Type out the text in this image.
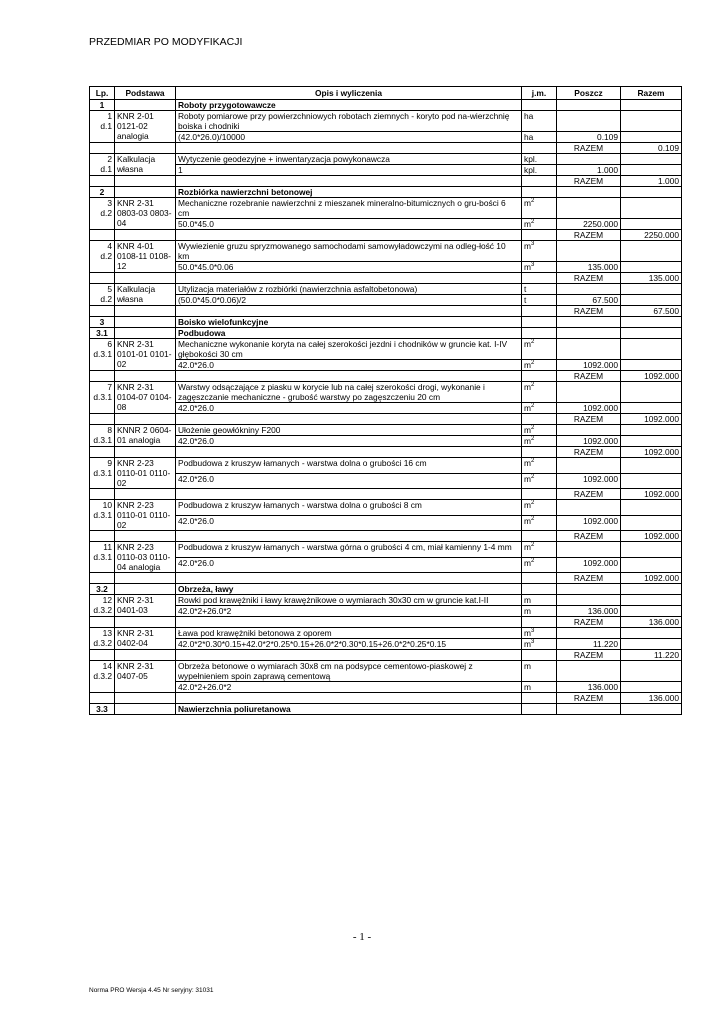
PRZEDMIAR PO MODYFIKACJI
Lp.	Podstawa	Opis i wyliczenia	j.m.	Poszcz	Razem
1		Roboty przygotowawcze			

1
d.1	KNR 2-01 0121-02 analogia	Roboty pomiarowe przy powierzchniowych robotach ziemnych - koryto pod na-wierzchnię boiska i chodniki	ha		
		(42.0*26.0)/10000	ha	0.109	
				RAZEM	0.109

2
d.1	Kalkulacja własna	Wytyczenie geodezyjne + inwentaryzacja powykonawcza	kpl.		
		1	kpl.	1.000	
				RAZEM	1.000
2		Rozbiórka nawierzchni betonowej			

3
d.2	KNR 2-31 0803-03 0803-04	Mechaniczne rozebranie nawierzchni z mieszanek mineralno-bitumicznych o gru-bości 6 cm	$m^2$		
		50.0*45.0	$m^2$	2250.000	
				RAZEM	2250.000

4
d.2	KNR 4-01 0108-11 0108-12	Wywiezienie gruzu spryzmowanego samochodami samowyładowczymi na odleg-łość 10 km	$m^3$		
		50.0*45.0*0.06	$m^3$	135.000	
				RAZEM	135.000

5
d.2	Kalkulacja własna	Utylizacja materiałów z rozbiórki (nawierzchnia asfaltobetonowa)	t		
		(50.0*45.0*0.06)/2	t	67.500	
				RAZEM	67.500
3		Boisko wielofunkcyjne			
3.1		Podbudowa			

6
d.3.1	KNR 2-31 0101-01 0101-02	Mechaniczne wykonanie koryta na całej szerokości jezdni i chodników w gruncie kat. I-IV głębokości 30 cm	$m^2$		
		42.0*26.0	$m^2$	1092.000	
				RAZEM	1092.000

7
d.3.1	KNR 2-31 0104-07 0104-08	Warstwy odsączające z piasku w korycie lub na całej szerokości drogi, wykonanie i zagęszczanie mechaniczne - grubość warstwy po zagęszczeniu 20 cm	$m^2$		
		42.0*26.0	$m^2$	1092.000	
				RAZEM	1092.000

8
d.3.1	KNNR 2 0604-01 analogia	Ułożenie geowłókniny F200	$m^2$		
		42.0*26.0	$m^2$	1092.000	
				RAZEM	1092.000

9
d.3.1	KNR 2-23 0110-01 0110-02	Podbudowa z kruszyw łamanych - warstwa dolna o grubości 16 cm	$m^2$		
		42.0*26.0	$m^2$	1092.000	
				RAZEM	1092.000

10
d.3.1	KNR 2-23 0110-01 0110-02	Podbudowa z kruszyw łamanych - warstwa dolna o grubości 8 cm	$m^2$		
		42.0*26.0	$m^2$	1092.000	
				RAZEM	1092.000

11
d.3.1	KNR 2-23 0110-03 0110-04 analogia	Podbudowa z kruszyw łamanych - warstwa górna o grubości 4 cm, miał kamienny 1-4 mm	$m^2$		
		42.0*26.0	$m^2$	1092.000	
				RAZEM	1092.000
3.2		Obrzeża, ławy			

12
d.3.2	KNR 2-31 0401-03	Rowki pod krawężniki i ławy krawężnikowe o wymiarach 30x30 cm w gruncie kat.I-II	m		
		42.0*2+26.0*2	m	136.000	
				RAZEM	136.000

13
d.3.2	KNR 2-31 0402-04	Ława pod krawężniki betonowa z oporem	$m^3$		
		42.0*2*0.30*0.15+42.0*2*0.25*0.15+26.0*2*0.30*0.15+26.0*2*0.25*0.15	$m^3$	11.220	
				RAZEM	11.220

14
d.3.2	KNR 2-31 0407-05	Obrzeża betonowe o wymiarach 30x8 cm na podsypce cementowo-piaskowej z wypełnieniem spoin zaprawą cementową	m		
		42.0*2+26.0*2	m	136.000	
				RAZEM	136.000
3.3		Nawierzchnia poliuretanowa			
- 1 -
Norma PRO Wersja 4.45 Nr seryjny: 31031
